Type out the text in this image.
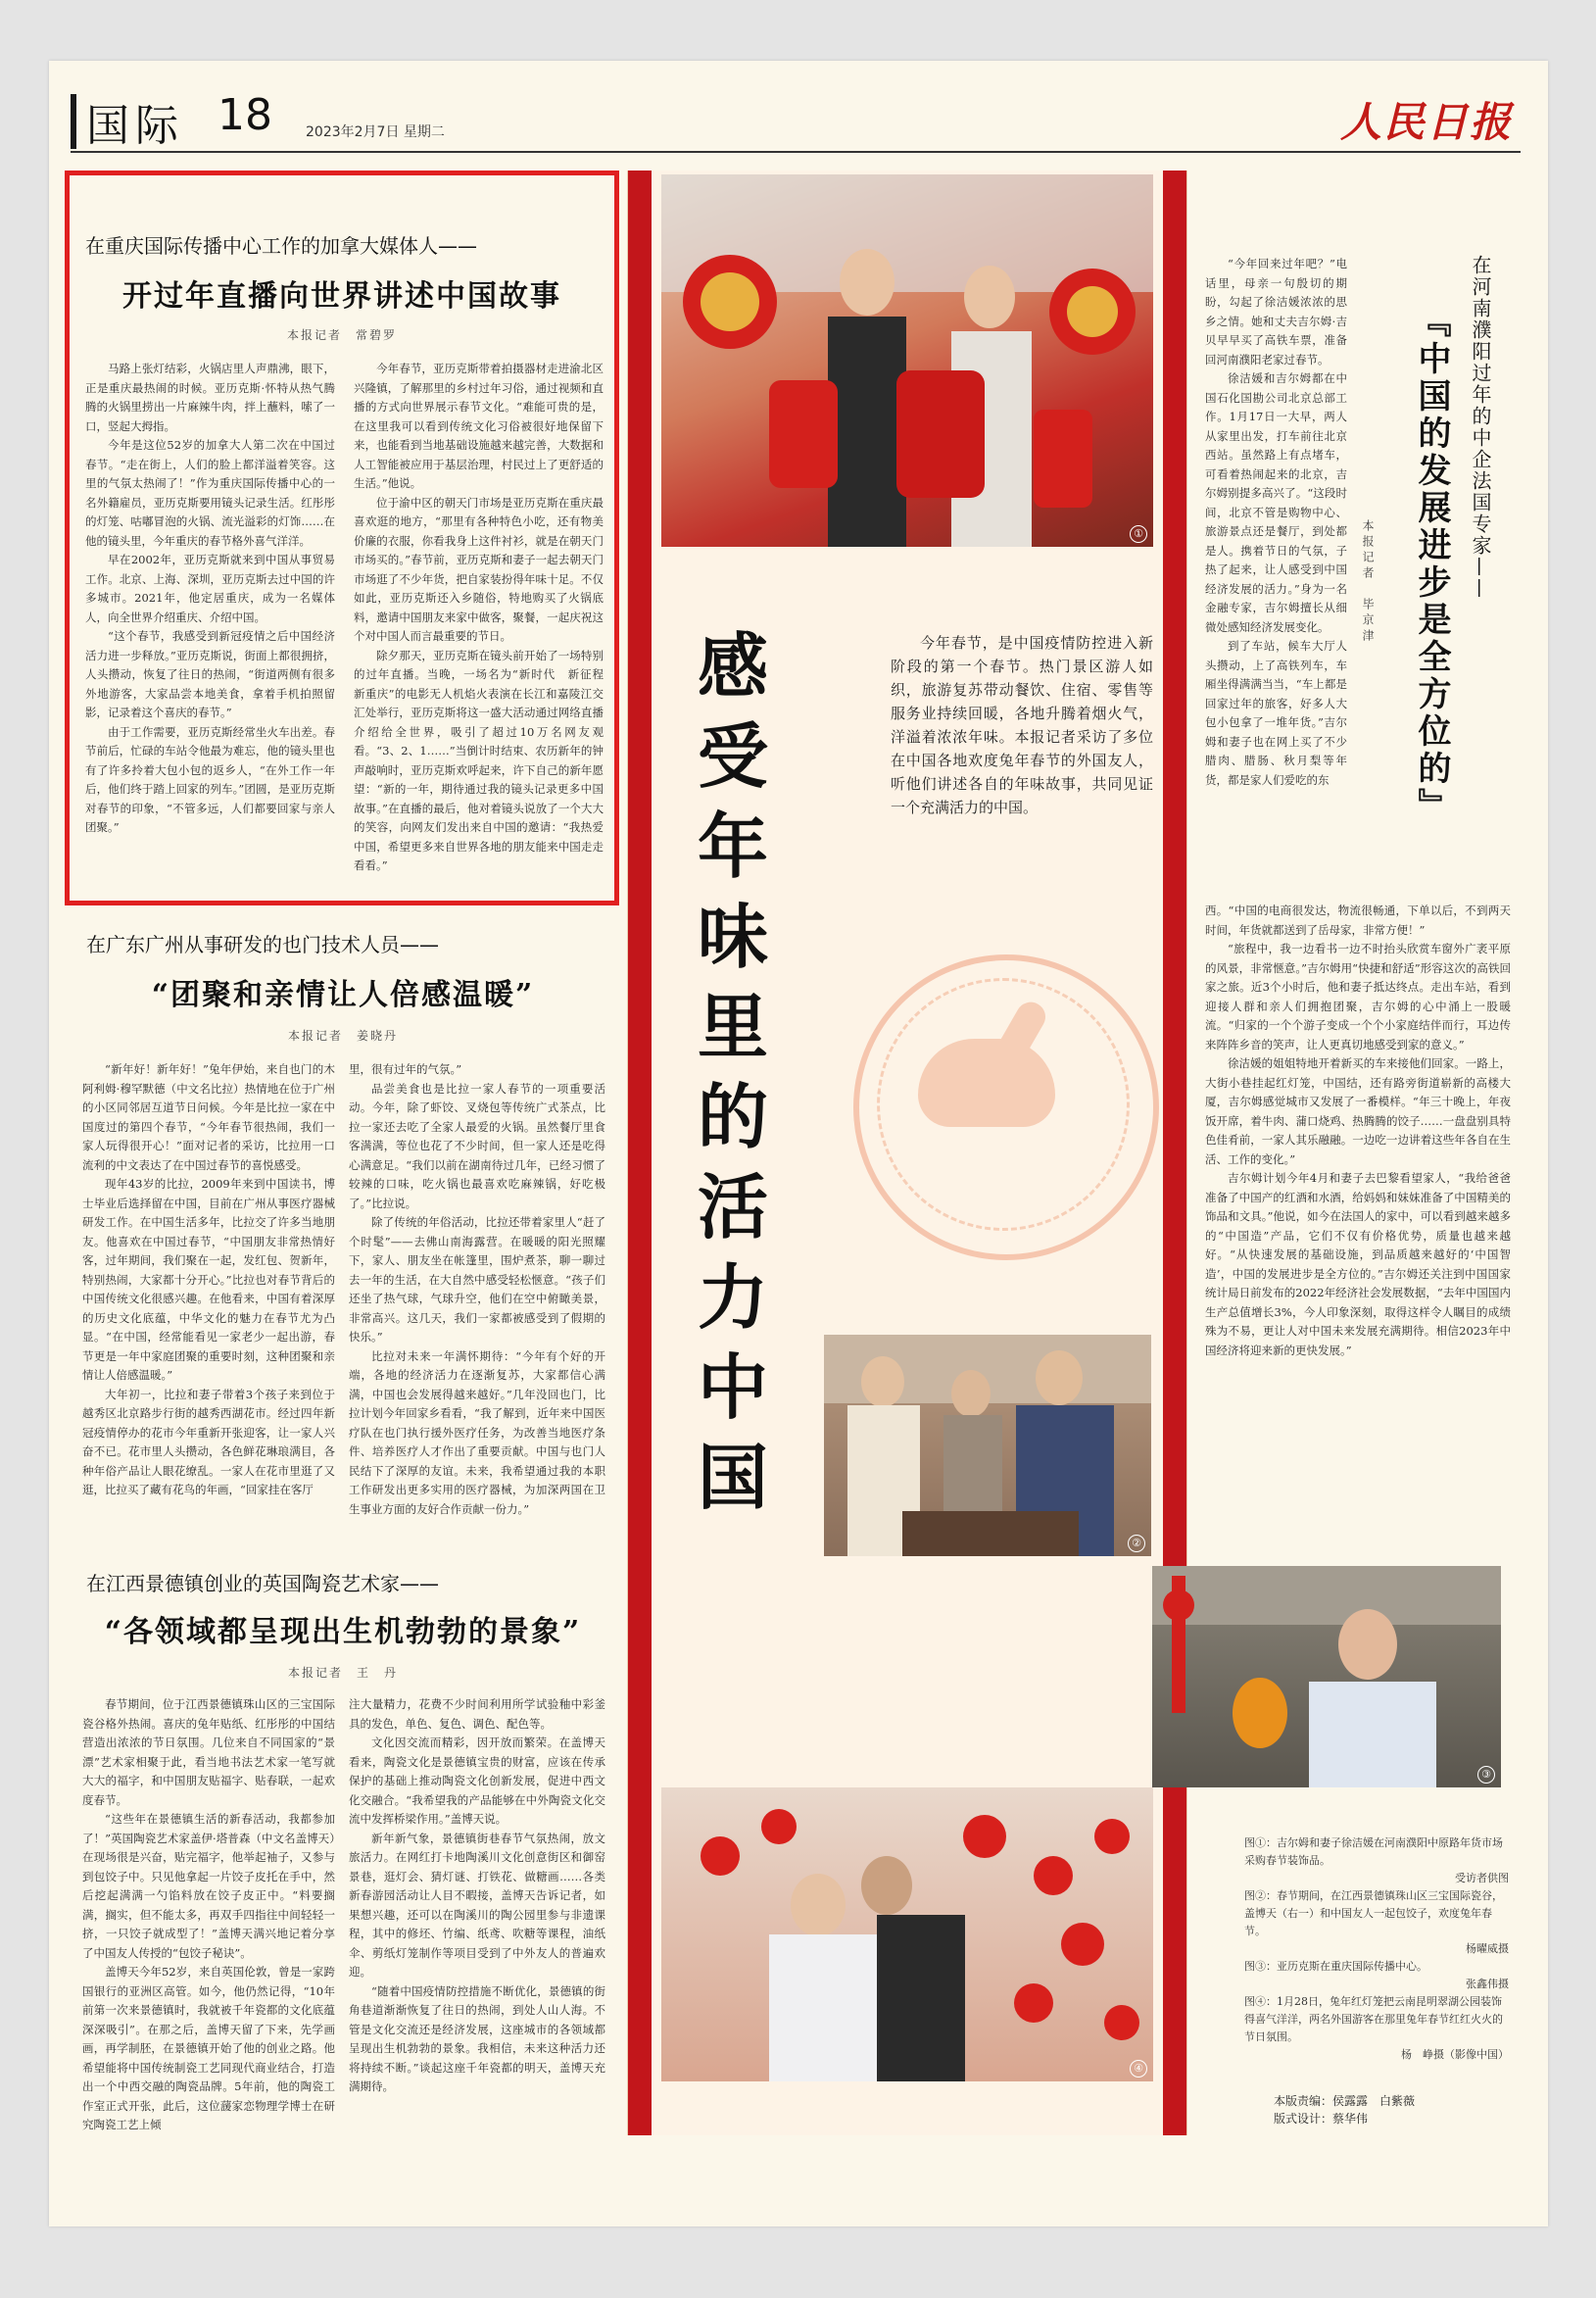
国际 18 2023年2月7日 星期二	人民日报
在重庆国际传播中心工作的加拿大媒体人——
开过年直播向世界讲述中国故事
本报记者　常碧罗

马路上张灯结彩，火锅店里人声鼎沸，眼下，正是重庆最热闹的时候。亚历克斯·怀特从热气腾腾的火锅里捞出一片麻辣牛肉，拌上蘸料，嗦了一口，竖起大拇指。

今年是这位52岁的加拿大人第二次在中国过春节。“走在街上，人们的脸上都洋溢着笑容。这里的气氛太热闹了！”作为重庆国际传播中心的一名外籍雇员，亚历克斯要用镜头记录生活。红彤彤的灯笼、咕嘟冒泡的火锅、流光溢彩的灯饰……在他的镜头里，今年重庆的春节格外喜气洋洋。

早在2002年，亚历克斯就来到中国从事贸易工作。北京、上海、深圳，亚历克斯去过中国的许多城市。2021年，他定居重庆，成为一名媒体人，向全世界介绍重庆、介绍中国。

“这个春节，我感受到新冠疫情之后中国经济活力进一步释放。”亚历克斯说，街面上都很拥挤，人头攒动，恢复了往日的热闹，“街道两侧有很多外地游客，大家品尝本地美食，拿着手机拍照留影，记录着这个喜庆的春节。”

由于工作需要，亚历克斯经常坐火车出差。春节前后，忙碌的车站令他最为难忘，他的镜头里也有了许多拎着大包小包的返乡人，“在外工作一年后，他们终于踏上回家的列车。”团圆，是亚历克斯对春节的印象，“不管多远，人们都要回家与亲人团聚。”

今年春节，亚历克斯带着拍摄器材走进渝北区兴隆镇，了解那里的乡村过年习俗，通过视频和直播的方式向世界展示春节文化。“难能可贵的是，在这里我可以看到传统文化习俗被很好地保留下来，也能看到当地基础设施越来越完善，大数据和人工智能被应用于基层治理，村民过上了更舒适的生活。”他说。

位于渝中区的朝天门市场是亚历克斯在重庆最喜欢逛的地方，“那里有各种特色小吃，还有物美价廉的衣服，你看我身上这件衬衫，就是在朝天门市场买的。”春节前，亚历克斯和妻子一起去朝天门市场逛了不少年货，把自家装扮得年味十足。不仅如此，亚历克斯还入乡随俗，特地购买了火锅底料，邀请中国朋友来家中做客，聚餐，一起庆祝这个对中国人而言最重要的节日。

除夕那天，亚历克斯在镜头前开始了一场特别的过年直播。当晚，一场名为“新时代　新征程　新重庆”的电影无人机焰火表演在长江和嘉陵江交汇处举行，亚历克斯将这一盛大活动通过网络直播介绍给全世界，吸引了超过10万名网友观看。“3、2、1……”当倒计时结束、农历新年的钟声敲响时，亚历克斯欢呼起来，许下自己的新年愿望：“新的一年，期待通过我的镜头记录更多中国故事。”在直播的最后，他对着镜头说放了一个大大的笑容，向网友们发出来自中国的邀请：“我热爱中国，希望更多来自世界各地的朋友能来中国走走看看。”

在广东广州从事研发的也门技术人员——
“团聚和亲情让人倍感温暖”
本报记者　姜晓丹

“新年好！新年好！”兔年伊始，来自也门的木阿利姆·穆罕默德（中文名比拉）热情地在位于广州的小区同邻居互道节日问候。今年是比拉一家在中国度过的第四个春节，“今年春节很热闹，我们一家人玩得很开心！”面对记者的采访，比拉用一口流利的中文表达了在中国过春节的喜悦感受。

现年43岁的比拉，2009年来到中国读书，博士毕业后选择留在中国，目前在广州从事医疗器械研发工作。在中国生活多年，比拉交了许多当地朋友。他喜欢在中国过春节，“中国朋友非常热情好客，过年期间，我们聚在一起，发红包、贺新年，特别热闹，大家都十分开心。”比拉也对春节背后的中国传统文化很感兴趣。在他看来，中国有着深厚的历史文化底蕴，中华文化的魅力在春节尤为凸显。“在中国，经常能看见一家老少一起出游，春节更是一年中家庭团聚的重要时刻，这种团聚和亲情让人倍感温暖。”

大年初一，比拉和妻子带着3个孩子来到位于越秀区北京路步行街的越秀西湖花市。经过四年新冠疫情停办的花市今年重新开张迎客，让一家人兴奋不已。花市里人头攒动，各色鲜花琳琅满目，各种年俗产品让人眼花缭乱。一家人在花市里逛了又逛，比拉买了藏有花鸟的年画，“回家挂在客厅

里，很有过年的气氛。”

品尝美食也是比拉一家人春节的一项重要活动。今年，除了虾饺、叉烧包等传统广式茶点，比拉一家还去吃了全家人最爱的火锅。虽然餐厅里食客满满，等位也花了不少时间，但一家人还是吃得心满意足。“我们以前在湖南待过几年，已经习惯了较辣的口味，吃火锅也最喜欢吃麻辣锅，好吃极了。”比拉说。

除了传统的年俗活动，比拉还带着家里人“赶了个时髦”——去佛山南海露营。在暖暖的阳光照耀下，家人、朋友坐在帐篷里，围炉煮茶，聊一聊过去一年的生活，在大自然中感受轻松惬意。“孩子们还坐了热气球，气球升空，他们在空中俯瞰美景，非常高兴。这几天，我们一家都被感受到了假期的快乐。”

比拉对未来一年满怀期待：“今年有个好的开端，各地的经济活力在逐渐复苏，大家都信心满满，中国也会发展得越来越好。”几年没回也门，比拉计划今年回家乡看看，“我了解到，近年来中国医疗队在也门执行援外医疗任务，为改善当地医疗条件、培养医疗人才作出了重要贡献。中国与也门人民结下了深厚的友谊。未来，我希望通过我的本职工作研发出更多实用的医疗器械，为加深两国在卫生事业方面的友好合作贡献一份力。”

在江西景德镇创业的英国陶瓷艺术家——
“各领域都呈现出生机勃勃的景象”
本报记者　王　丹

春节期间，位于江西景德镇珠山区的三宝国际瓷谷格外热闹。喜庆的兔年贴纸、红彤彤的中国结营造出浓浓的节日氛围。几位来自不同国家的“景漂”艺术家相聚于此，看当地书法艺术家一笔写就大大的福字，和中国朋友贴福字、贴春联，一起欢度春节。

“这些年在景德镇生活的新春活动，我都参加了！”英国陶瓷艺术家盖伊·塔普森（中文名盖博天）在现场很是兴奋，贴完福字，他举起袖子，又参与到包饺子中。只见他拿起一片饺子皮托在手中，然后挖起满满一勺馅料放在饺子皮正中。“料要搁满，搁实，但不能太多，再双手四指往中间轻轻一挤，一只饺子就成型了！”盖博天满兴地记着分享了中国友人传授的“包饺子秘诀”。

盖博天今年52岁，来自英国伦敦，曾是一家跨国银行的亚洲区高管。如今，他仍然记得，“10年前第一次来景德镇时，我就被千年瓷都的文化底蕴深深吸引”。在那之后，盖博天留了下来，先学画画，再学制胚，在景德镇开始了他的创业之路。他希望能将中国传统制瓷工艺同现代商业结合，打造出一个中西交融的陶瓷品牌。5年前，他的陶瓷工作室正式开张，此后，这位蘐家恋物理学博士在研究陶瓷工艺上倾

注大量精力，花费不少时间利用所学试验釉中彩釜具的发色，单色、复色、调色、配色等。

文化因交流而精彩，因开放而繁荣。在盖博天看来，陶瓷文化是景德镇宝贵的财富，应该在传承保护的基础上推动陶瓷文化创新发展，促进中西文化交融合。“我希望我的产品能够在中外陶瓷文化交流中发挥桥梁作用。”盖博天说。

新年新气象，景德镇街巷春节气氛热闹，放文旅活力。在网红打卡地陶溪川文化创意街区和御窑景巷，逛灯会、猜灯谜、打铁花、做糖画……各类新春游园活动让人目不暇接，盖博天告诉记者，如果想兴趣，还可以在陶溪川的陶公园里参与非遗课程，其中的修坯、竹编、纸鸢、吹糖等课程，油纸伞、剪纸灯笼制作等项目受到了中外友人的普遍欢迎。

“随着中国疫情防控措施不断优化，景德镇的街角巷道渐渐恢复了往日的热闹，到处人山人海。不管是文化交流还是经济发展，这座城市的各领域都呈现出生机勃勃的景象。我相信，未来这种活力还将持续不断。”谈起这座千年瓷都的明天，盖博天充满期待。

①
感
受
年
味
里
的
活
力
中
国

今年春节，是中国疫情防控进入新阶段的第一个春节。热门景区游人如织，旅游复苏带动餐饮、住宿、零售等服务业持续回暖，各地升腾着烟火气，洋溢着浓浓年味。本报记者采访了多位在中国各地欢度兔年春节的外国友人，听他们讲述各自的年味故事，共同见证一个充满活力的中国。

②
④
③
在河南濮阳过年的中企法国专家——
『中国的发展进步是全方位的』
本报记者　毕京津

“今年回来过年吧？”电话里，母亲一句殷切的期盼，勾起了徐洁媛浓浓的思乡之情。她和丈夫吉尔姆·吉贝早早买了高铁车票，准备回河南濮阳老家过春节。

徐洁媛和吉尔姆都在中国石化国勘公司北京总部工作。1月17日一大早，两人从家里出发，打车前往北京西站。虽然路上有点堵车，可看着热闹起来的北京，吉尔姆别提多高兴了。“这段时间，北京不管是购物中心、旅游景点还是餐厅，到处都是人。携着节日的气氛，子热了起来，让人感受到中国经济发展的活力。”身为一名金融专家，吉尔姆擅长从细微处感知经济发展变化。

到了车站，候车大厅人头攒动，上了高铁列车，车厢坐得满满当当，“车上都是回家过年的旅客，好多人大包小包拿了一堆年货。”吉尔姆和妻子也在网上买了不少腊肉、腊肠、秋月梨等年货，都是家人们爱吃的东

西。“中国的电商很发达，物流很畅通，下单以后，不到两天时间，年货就都送到了岳母家，非常方便！”

“旅程中，我一边看书一边不时抬头欣赏车窗外广袤平原的风景，非常惬意。”吉尔姆用“快捷和舒适”形容这次的高铁回家之旅。近3个小时后，他和妻子抵达终点。走出车站，看到迎接人群和亲人们拥抱团聚，吉尔姆的心中涌上一股暖流。“归家的一个个游子变成一个个小家庭结伴而行，耳边传来阵阵乡音的笑声，让人更真切地感受到家的意义。”

徐洁媛的姐姐特地开着新买的车来接他们回家。一路上，大街小巷挂起红灯笼，中国结，还有路旁街道崭新的高楼大厦，吉尔姆感觉城市又发展了一番模样。“年三十晚上，年夜饭开席，着牛肉、蒲口烧鸡、热腾腾的饺子……一盘盘别具特色佳肴前，一家人其乐融融。一边吃一边讲着这些年各自在生活、工作的变化。”

吉尔姆计划今年4月和妻子去巴黎看望家人，“我给爸爸准备了中国产的红酒和水酒，给妈妈和妹妹准备了中国精美的饰品和文具。”他说，如今在法国人的家中，可以看到越来越多的“中国造”产品，它们不仅有价格优势，质量也越来越好。“从快速发展的基础设施，到品质越来越好的‘中国智造’，中国的发展进步是全方位的。”吉尔姆还关注到中国国家统计局日前发布的2022年经济社会发展数据，“去年中国国内生产总值增长3%，今人印象深刻，取得这样令人瞩目的成绩殊为不易，更让人对中国未来发展充满期待。相信2023年中国经济将迎来新的更快发展。”

图①：吉尔姆和妻子徐洁媛在河南濮阳中原路年货市场采购春节装饰品。

受访者供图

图②：春节期间，在江西景德镇珠山区三宝国际瓷谷，盖博天（右一）和中国友人一起包饺子，欢度兔年春节。

杨曜威摄

图③：亚历克斯在重庆国际传播中心。

张鑫伟摄

图④：1月28日，兔年红灯笼把云南昆明翠湖公园装饰得喜气洋洋，两名外国游客在那里兔年春节红红火火的节日氛围。

杨　峥摄（影像中国）

本版责编：侯露露　白紫薇

版式设计：蔡华伟
